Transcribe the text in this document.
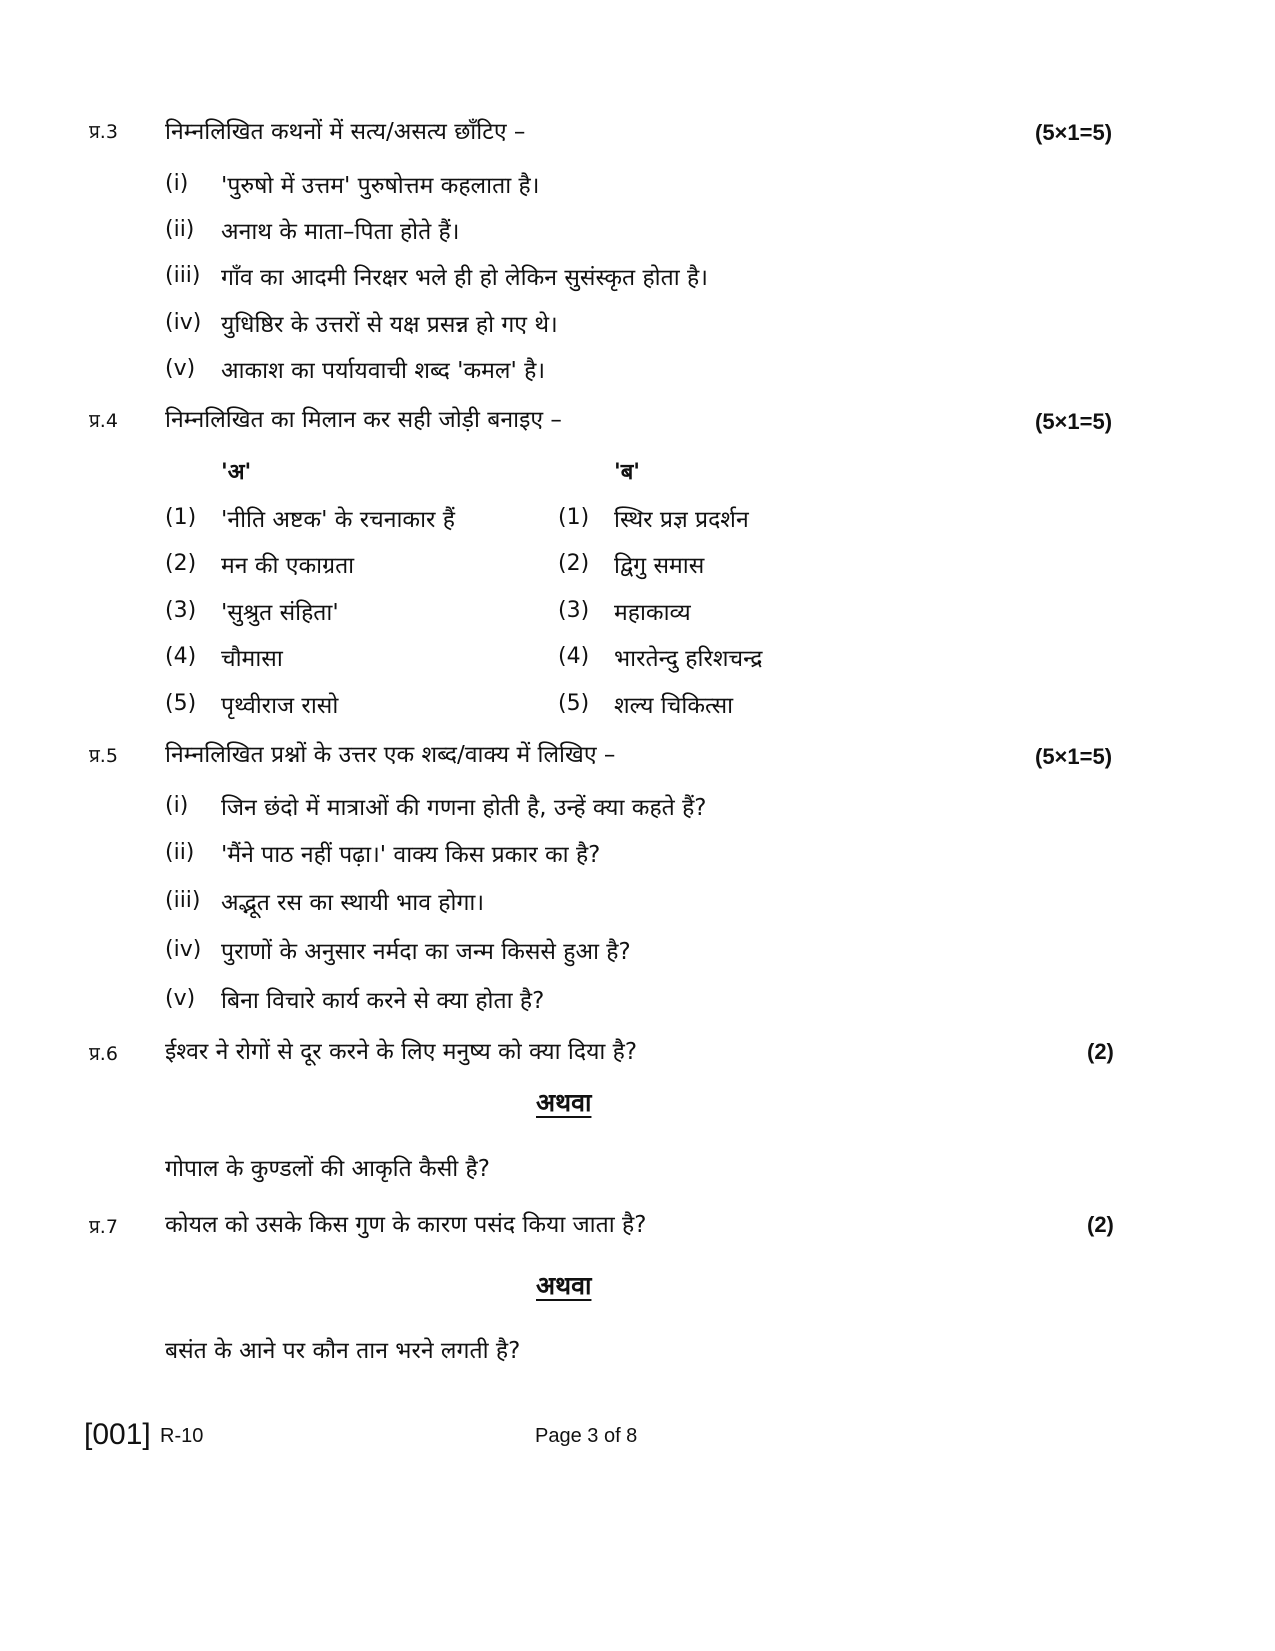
प्र.3 निम्नलिखित कथनों में सत्य/असत्य छाँटिए –	(5×1=5)
(i) 'पुरुषो में उत्तम' पुरुषोत्तम कहलाता है।
(ii) अनाथ के माता–पिता होते हैं।
(iii) गाँव का आदमी निरक्षर भले ही हो लेकिन सुसंस्कृत होता है।
(iv) युधिष्ठिर के उत्तरों से यक्ष प्रसन्न हो गए थे।
(v) आकाश का पर्यायवाची शब्द 'कमल' है।
प्र.4 निम्नलिखित का मिलान कर सही जोड़ी बनाइए –	(5×1=5)
'अ'	'ब'
(1) 'नीति अष्टक' के रचनाकार हैं	(1) स्थिर प्रज्ञ प्रदर्शन
(2) मन की एकाग्रता	(2) द्विगु समास
(3) 'सुश्रुत संहिता'	(3) महाकाव्य
(4) चौमासा	(4) भारतेन्दु हरिशचन्द्र
(5) पृथ्वीराज रासो	(5) शल्य चिकित्सा
प्र.5 निम्नलिखित प्रश्नों के उत्तर एक शब्द/वाक्य में लिखिए –	(5×1=5)
(i) जिन छंदो में मात्राओं की गणना होती है, उन्हें क्या कहते हैं?
(ii) 'मैंने पाठ नहीं पढ़ा।' वाक्य किस प्रकार का है?
(iii) अद्भूत रस का स्थायी भाव होगा।
(iv) पुराणों के अनुसार नर्मदा का जन्म किससे हुआ है?
(v) बिना विचारे कार्य करने से क्या होता है?
प्र.6 ईश्वर ने रोगों से दूर करने के लिए मनुष्य को क्या दिया है?	(2)
अथवा
गोपाल के कुण्डलों की आकृति कैसी है?
प्र.7 कोयल को उसके किस गुण के कारण पसंद किया जाता है?	(2)
अथवा
बसंत के आने पर कौन तान भरने लगती है?
[001] R-10	Page 3 of 8
